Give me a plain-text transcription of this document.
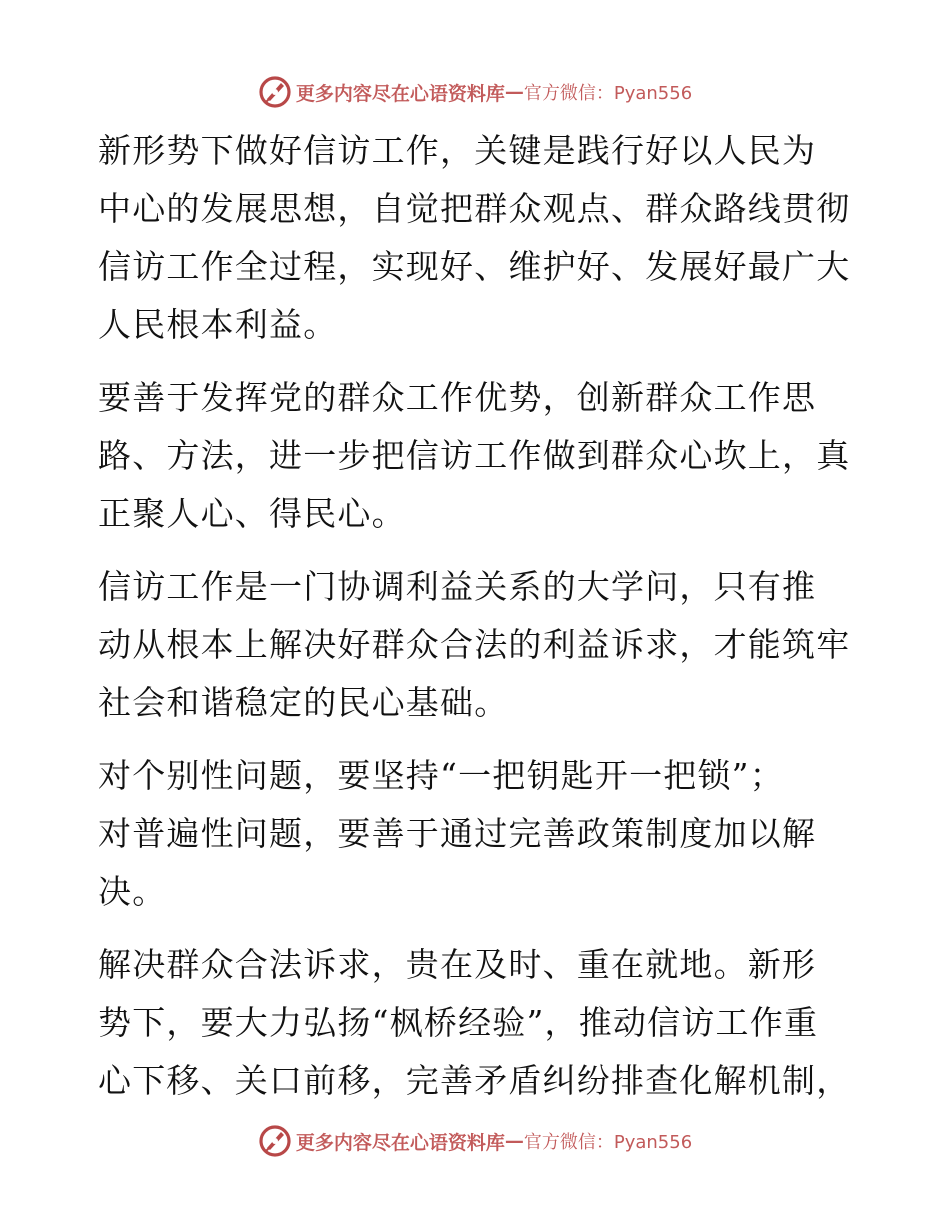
更多内容尽在心语资料库 — 官方微信：Pyan556
新形势下做好信访工作，关键是践行好以人民为
中心的发展思想，自觉把群众观点、群众路线贯彻
信访工作全过程，实现好、维护好、发展好最广大
人民根本利益。
要善于发挥党的群众工作优势，创新群众工作思
路、方法，进一步把信访工作做到群众心坎上，真
正聚人心、得民心。
信访工作是一门协调利益关系的大学问，只有推
动从根本上解决好群众合法的利益诉求，才能筑牢
社会和谐稳定的民心基础。
对个别性问题，要坚持“一把钥匙开一把锁”；
对普遍性问题，要善于通过完善政策制度加以解
决。
解决群众合法诉求，贵在及时、重在就地。新形
势下，要大力弘扬“枫桥经验”，推动信访工作重
心下移、关口前移，完善矛盾纠纷排查化解机制，
更多内容尽在心语资料库 — 官方微信：Pyan556
